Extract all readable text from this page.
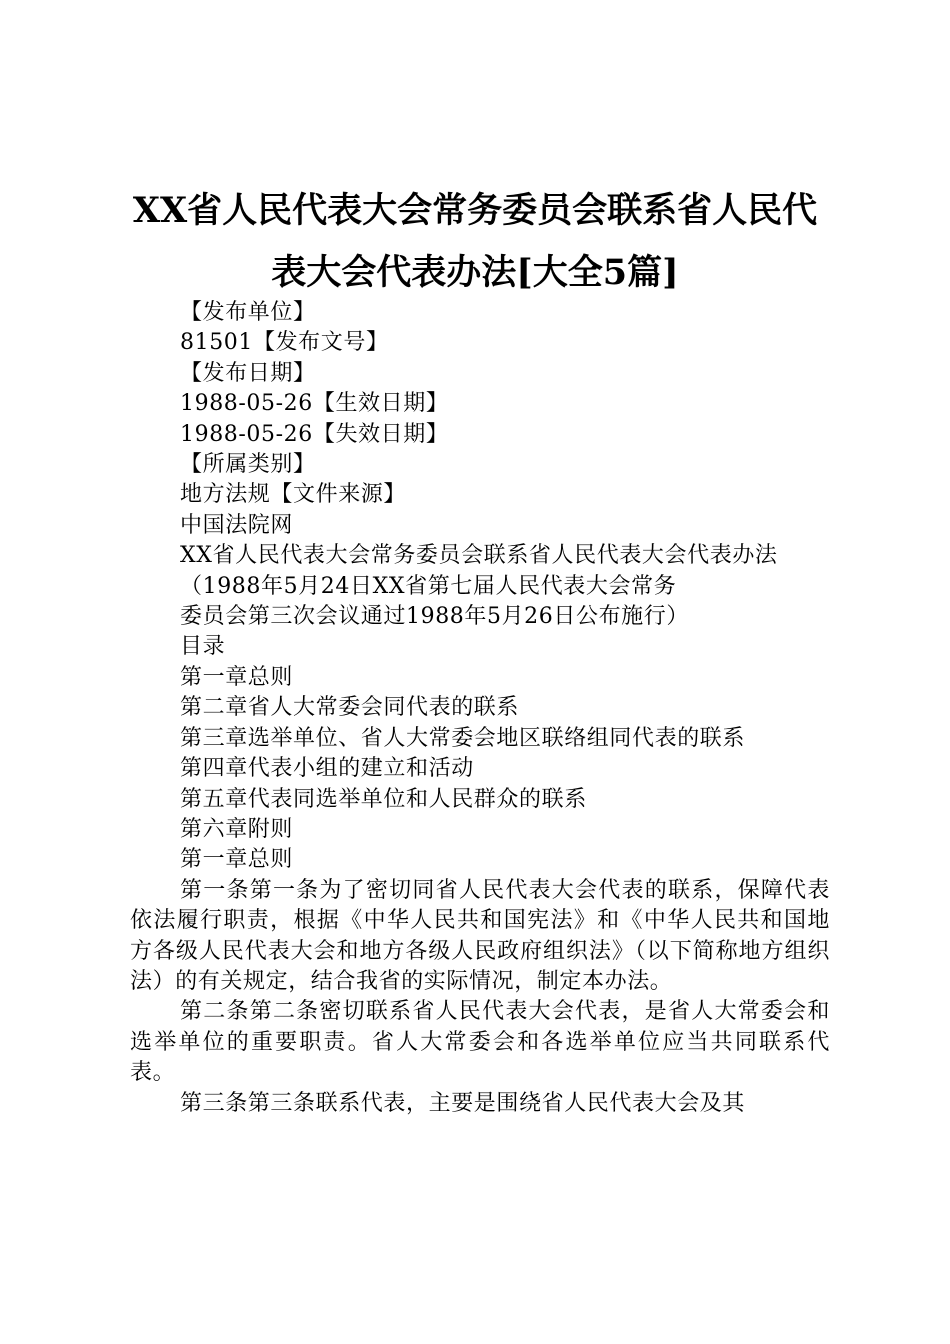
XX省人民代表大会常务委员会联系省人民代
表大会代表办法[大全5篇]

【发布单位】

81501【发布文号】

【发布日期】

1988-05-26【生效日期】

1988-05-26【失效日期】

【所属类别】

地方法规【文件来源】

中国法院网

XX省人民代表大会常务委员会联系省人民代表大会代表办法

（1988年5月24日XX省第七届人民代表大会常务

委员会第三次会议通过1988年5月26日公布施行）

目录

第一章总则

第二章省人大常委会同代表的联系

第三章选举单位、省人大常委会地区联络组同代表的联系

第四章代表小组的建立和活动

第五章代表同选举单位和人民群众的联系

第六章附则

第一章总则

第一条第一条为了密切同省人民代表大会代表的联系，保障代表依法履行职责，根据《中华人民共和国宪法》和《中华人民共和国地方各级人民代表大会和地方各级人民政府组织法》（以下简称地方组织法）的有关规定，结合我省的实际情况，制定本办法。

第二条第二条密切联系省人民代表大会代表，是省人大常委会和选举单位的重要职责。省人大常委会和各选举单位应当共同联系代表。

第三条第三条联系代表，主要是围绕省人民代表大会及其
